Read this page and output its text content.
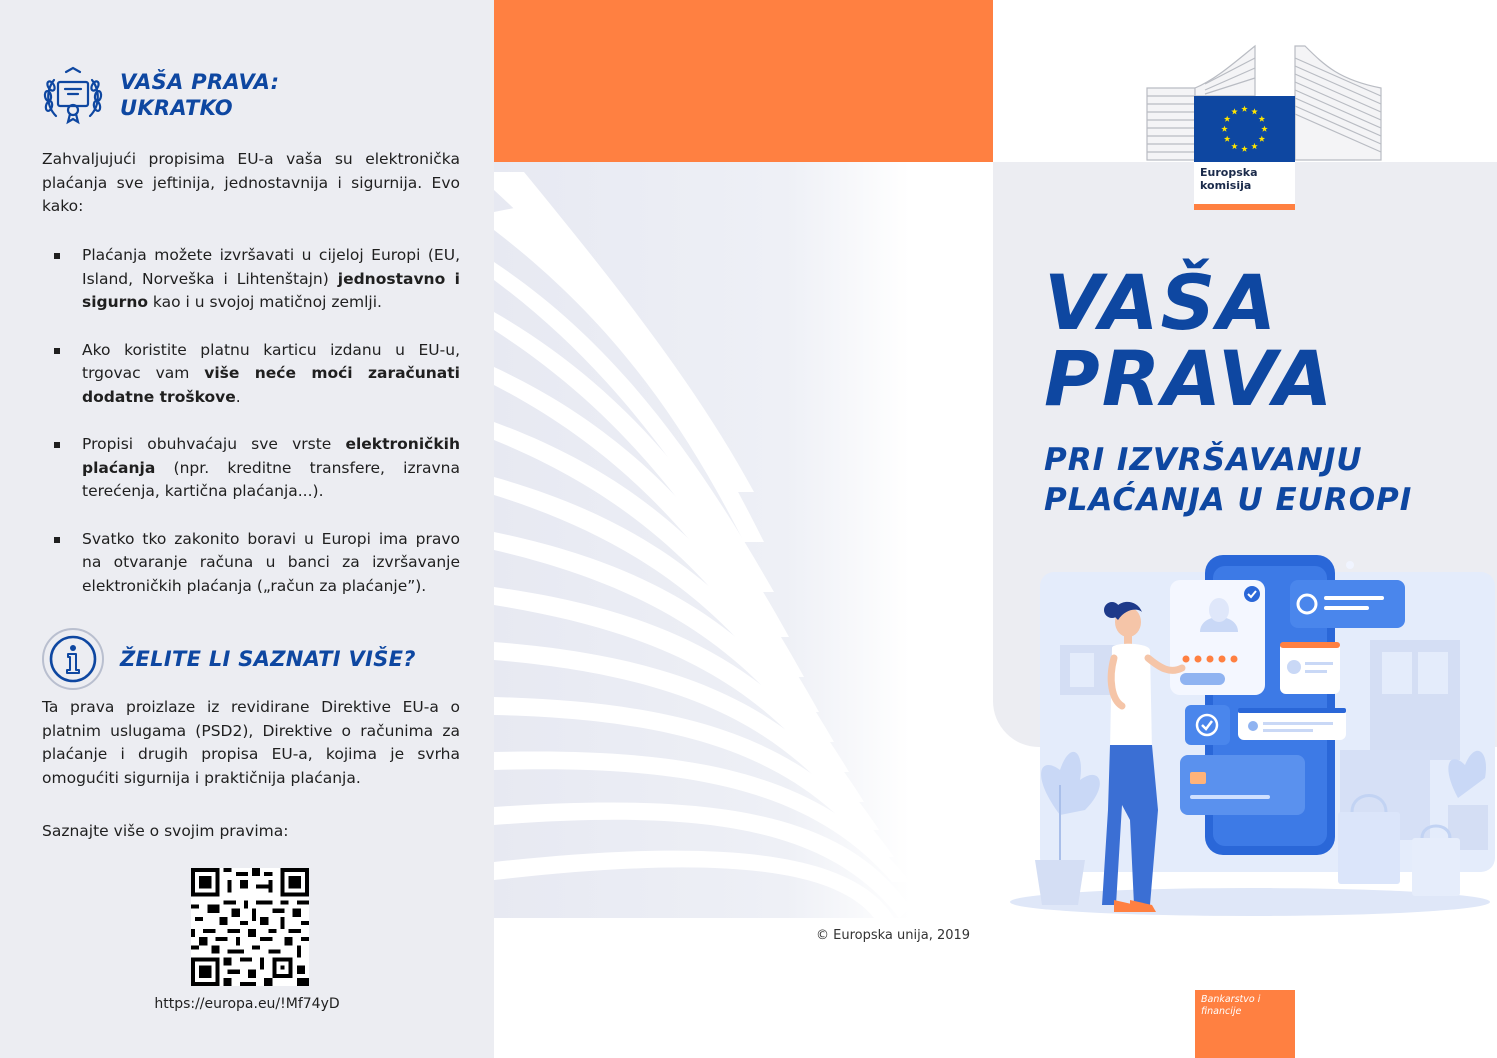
VAŠA PRAVA:
UKRATKO
Zahvaljujući propisima EU-a vaša su elektronička plaćanja sve jeftinija, jednostavnija i sigurnija. Evo kako:
Plaćanja možete izvršavati u cijeloj Europi (EU, Island, Norveška i Lihtenštajn) jednostavno i sigurno kao i u svojoj matičnoj zemlji.
Ako koristite platnu karticu izdanu u EU-u, trgovac vam više neće moći zaračunati dodatne troškove.
Propisi obuhvaćaju sve vrste elektroničkih plaćanja (npr. kreditne transfere, izravna terećenja, kartična plaćanja...).
Svatko tko zakonito boravi u Europi ima pravo na otvaranje računa u banci za izvršavanje elektroničkih plaćanja („račun za plaćanje”).
ŽELITE LI SAZNATI VIŠE?
Ta prava proizlaze iz revidirane Direktive EU-a o platnim uslugama (PSD2), Direktive o računima za plaćanje i drugih propisa EU-a, kojima je svrha omogućiti sigurnija i praktičnija plaćanja.
Saznajte više o svojim pravima:
https://europa.eu/!Mf74yD
© Europska unija, 2019
Europska
komisija
VAŠA
PRAVA
PRI IZVRŠAVANJU
PLAĆANJA U EUROPI
Bankarstvo i
financije
